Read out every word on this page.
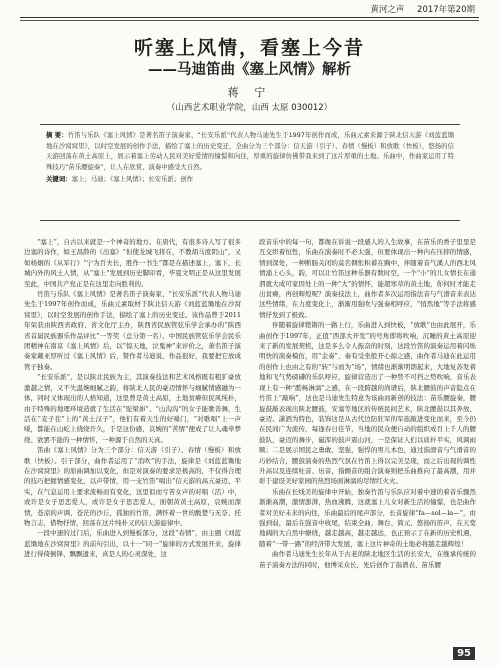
黄河之声 2017年第20期
听塞上风情，看塞上今昔
——马迪笛曲《塞上风情》解析
蒋 宁
（山西艺术职业学院，山西 太原 030012）
摘 要：竹笛与乐队《塞上风情》是著名笛子演奏家、“长安乐派”代表人物马迪先生于1997年创作而成，乐曲元素来源于陕北信天游《刘蓝蓝锄地在沙窝窝里》，以时空发展的创作手法，描绘了塞上的历史变迁，全曲分为三个部分：信天游（引子）、春情（慢板）和放歌（快板），悠扬的信天游回荡在黄土高原上，展示着塞上劳动人民对美好爱情的憧憬和向往，厚重的旋律仿佛带我来到了这片厚重的土地。乐曲中，作曲家运用了特殊技巧“苗乐腰旋奏”，让人在欣赏、演奏中感受大自然。
关键词：塞上；马迪；《塞上风情》；长安乐派；创作

“塞上”，自古以来就是一个神奇的地方。在唐代，有很多诗人写了很多边塞的诗作，如王昌龄的《出塞》“但使龙城飞将在，不教胡马度阴山”，又如杨炯的《从军行》“宁为百夫长，胜作一书生”都是在描述塞上，塞下，长城内外的风土人情，从“塞上”发展到历史脚印看，毕夏文明正是从这里发展至此，中国共产党正是在这里走向胜利的。

竹笛与乐队《塞上风情》是著名笛子演奏家、“长安乐派”代表人物马迪先生于1997年创作而成，乐曲元素取材于陕北信天游《刘蓝蓝锄地在沙窝窝里》，以时空发展的创作手法，描绘了塞上的历史变迁。该作品曾于2011年荣获由陕西省政府、省文化厅主办，陕西省民族管弦乐学会承办的“陕西省首届民族器乐作品评比”一等奖（总分第一名），中国民族管弦乐学会民乐团精神在南京《塞上风情》后，以“惊天地，泣鬼神”来评价之，萧名笛子演奏家戴亚厚听过《塞上风情》后，赞作者马迪说，作品很好，我要把它放成管子独奏。

“长安乐派”，是以陕北民族为主，其演奏技法和艺术风格既有粗犷豪放激越之情，又不失温婉细腻之韵，将陕北人民的豪迈情怀与细腻情感融为一体，同时又体现出的人格知道，这里曾是黄土高原，土地贫瘠但民风纯朴，由于特殊的地理环境造就了生活在“驼梁峁”、“山沟沟”的女子能歌善舞，生活在“麦子茬”上的“黄土汉子”，他们有着天生的好嗓门，“对歌唱”上一声嗓，都能在山屹上绕绕许久，于是这份感、哀婉的“苦情”便成了让人魂牵梦绕、欲罢不能的一种情怀，一种源于自然的天真。

笛曲《塞上风情》分为三个部分：信天游（引子）、春情（慢板）和放歌（快板）。引子部分，曲作者运用了“消吹”的手法，旋律是《刘蓝蓝锄地在沙窝窝里》的原曲调加以变化，但是对演奏的要求是极高的，不仅得合理的技巧把握情感变化，以声带情，用一支竹笛“唱出”信天游的高亢豪迈、平实，在气息运用上要求流畅而有变化，这里似而亏苦女声的对唱（活）中，或许是女子思恋爱人，或许是女子思恋爱人，面朝黄黄土高原，哀婉而深情，苍凉的声调、苍茫的沙丘，孤独的竹笛，满怀着一世的酸楚与无奈、托物言志，借物抒情，回荡在这片纯朴又的信天游旋律中。

一段中速的过门后，乐曲进入到慢板部分，这段“春情”，由主题《刘蓝蓝锄地在沙窝窝里》的前句引出，以十一“同一”旋律的方式发展开来，旋律进行得倚倒锋、飘飘遗来，真是人的心灵深处，这

段音乐中的每一句，都像在诉说一段感人的人生故事，在苗乐的香子里里是互交织着恒性，乐曲在演奏时不必太强，但要体现出一种内在压抑的情感，情到深处，一种断肠关闭的莫名惆怅积蓄在胸中，伴随着音气溪人的西北风情涌上心头，韵，可以让竹笛这种乐器有数时空，一个“小”的儿女情长在通渭就大成可家因处上的一种“大”的情怀，能超寒草的黄土地，你何时才能走出贫瘠，再创辉煌呢？演奏技法上，曲作者多次运用指法音与气滑音来表达这些情绪，在力度变化上，渐渐用强吹与强奏相呼应，“悄然地”等手法将感情抒发到了极致。

伴随着旋律铿锵的一路上行，乐曲进入到快板，“放歌”也由此展开，乐曲创作于1997年，正值“西部大开发”的号角即将吹响，沉睡的黄土高原迎来了新的发展契机，这是多么令人振奋的时刻，这段竹笛的演奏运用着闪烁明快的演奏模仿，用“金奏”，奏有受坐般开心掠之感，曲作者马迪在此运用的创作上也由之有的“转”与而为“场”，情绪也渐渐明朗起来，大地复苏发着地和飞气势磅礴的乐队呼应，旋律营造出了一种势不可挡之势吹响，音乐表现上有一种“酷畅淋漓”之感，在一段跨越的尚谱后，陕北腰鼓的声音隐点在竹笛上“敲响”，这也是马迪先生特意为该曲而新创的技法：苗乐腰旋奏，腰旋鼓敲表现出陕北腰鼓，安塞等地区的传统民间艺术，陕北腰鼓以其奔放、豪迈、潇洒为特色，装饰这是从古代边防驻军的军旅敲进变化而来，至今仍在民间广为流传，每逢春日佳节，当地的民众便自动的组织成百上千人的腰鼓队，豪迈的舞步，磁浑的鼓声震山河，一是保证人们以质朴平实，风调雨顺；二是展示国民之勇敢、坚强，强悍的男儿本色，通过指滑音与气滑音的巧妙结合，腰鼓演奏的热烈气氛在竹笛上得以完美呈现，而之后出现的调性升高以及连续吐音、历音，指颤音的组合演奏则把乐曲推向了最高潮，用并彰于建设美好家园的热烈场面淋漓的尽情红火火。

乐曲在长线美的旋律中开始，独奏竹笛与乐队应对着中速的着音乐骤然渐渐高潮，激情澎湃，热血沸腾，这就塞上儿女对新生活的憧憬，也是曲作者对美好未来的向往，乐曲最后的尾声部分，长音旋律“fa—sol—la—”，由强到弱，最后在强音中收尾，结束全曲，舞台、简元、悠扬的笛声，在天宽地阔的大自然中缭绕，越走越高，越走越远，也正预示了在新的历史机遇，随着“一带一路”的经济带大发展，塞上这片神奇的土地必将越走越辉煌！

曲作者马迪先生长年从于古老的陕北地区生活的长安大，在继承传统的苗子演奏方法的同时，他博采众长，先后创作了指谱表、苗乐腰

95
